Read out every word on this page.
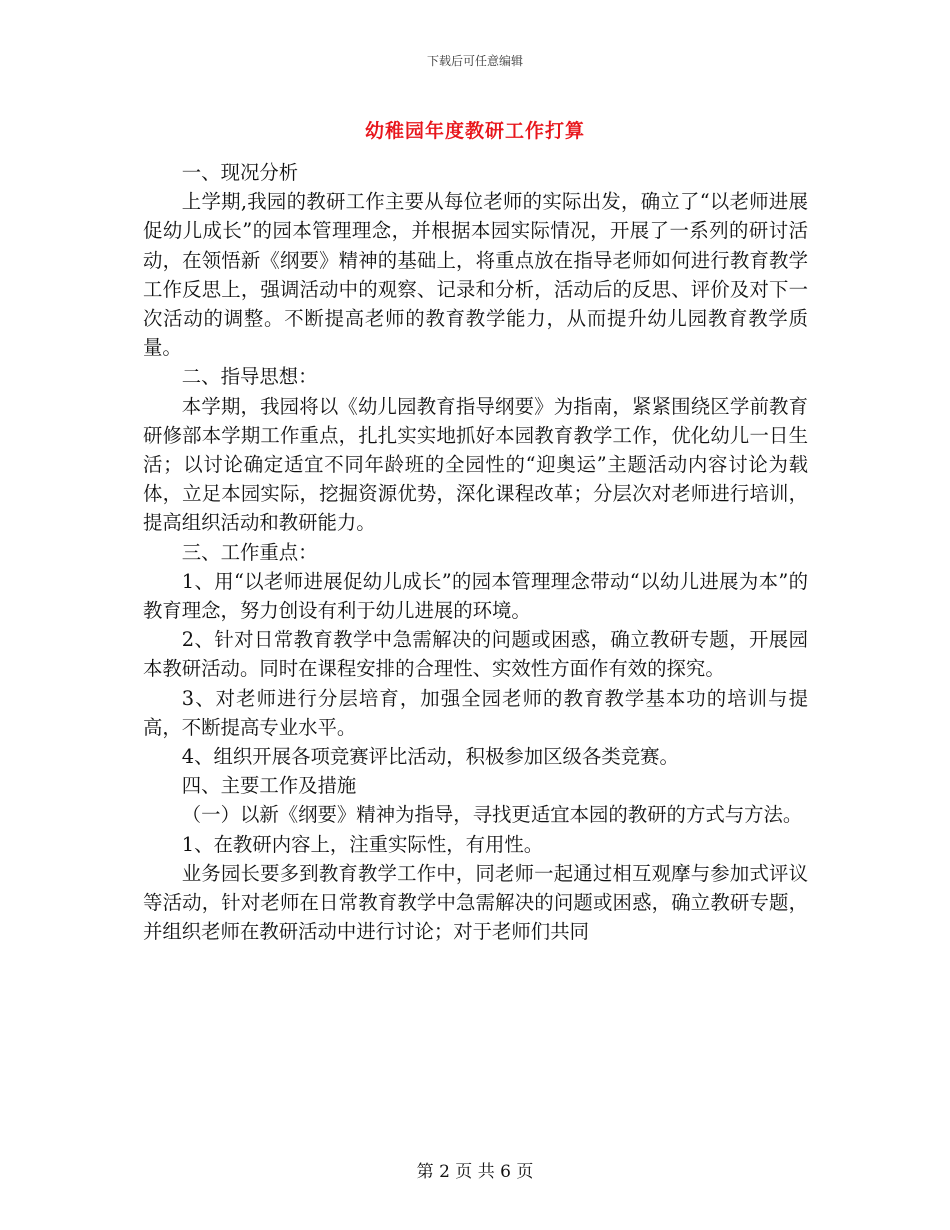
下载后可任意编辑
幼稚园年度教研工作打算

一、现况分析

上学期,我园的教研工作主要从每位老师的实际出发，确立了“以老师进展促幼儿成长”的园本管理理念，并根据本园实际情况，开展了一系列的研讨活动，在领悟新《纲要》精神的基础上，将重点放在指导老师如何进行教育教学工作反思上，强调活动中的观察、记录和分析，活动后的反思、评价及对下一次活动的调整。不断提高老师的教育教学能力，从而提升幼儿园教育教学质量。

二、指导思想：

本学期，我园将以《幼儿园教育指导纲要》为指南，紧紧围绕区学前教育研修部本学期工作重点，扎扎实实地抓好本园教育教学工作，优化幼儿一日生活；以讨论确定适宜不同年龄班的全园性的“迎奥运”主题活动内容讨论为载体，立足本园实际，挖掘资源优势，深化课程改革；分层次对老师进行培训，提高组织活动和教研能力。

三、工作重点：

1、用“以老师进展促幼儿成长”的园本管理理念带动“以幼儿进展为本”的教育理念，努力创设有利于幼儿进展的环境。

2、针对日常教育教学中急需解决的问题或困惑，确立教研专题，开展园本教研活动。同时在课程安排的合理性、实效性方面作有效的探究。

3、对老师进行分层培育，加强全园老师的教育教学基本功的培训与提高，不断提高专业水平。

4、组织开展各项竞赛评比活动，积极参加区级各类竞赛。

四、主要工作及措施

（一）以新《纲要》精神为指导，寻找更适宜本园的教研的方式与方法。

1、在教研内容上，注重实际性，有用性。

业务园长要多到教育教学工作中，同老师一起通过相互观摩与参加式评议等活动，针对老师在日常教育教学中急需解决的问题或困惑，确立教研专题，并组织老师在教研活动中进行讨论；对于老师们共同

第 2 页 共 6 页
